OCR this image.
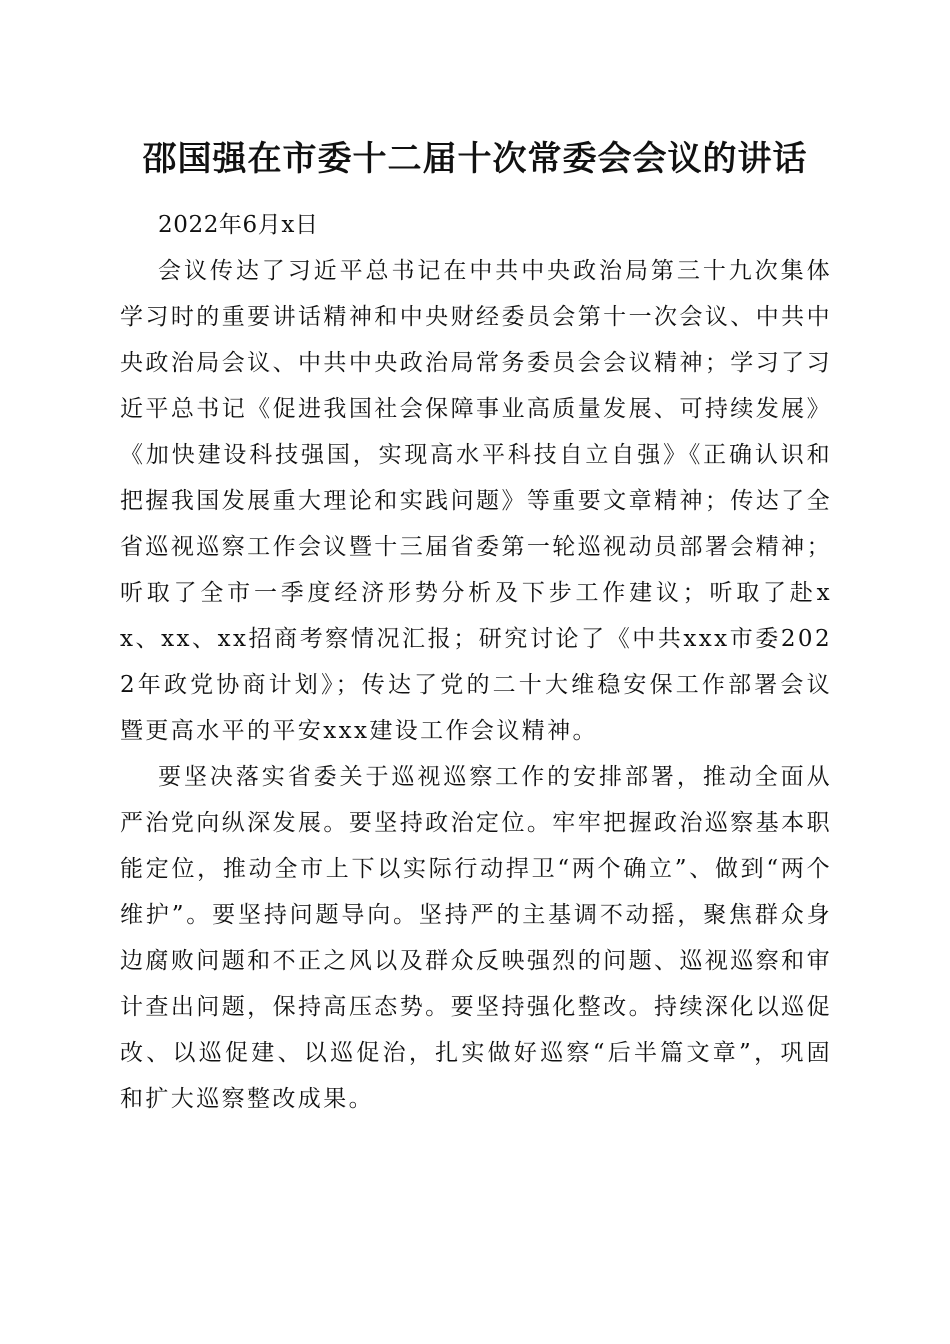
邵国强在市委十二届十次常委会会议的讲话

2022年6月x日

会议传达了习近平总书记在中共中央政治局第三十九次集体学习时的重要讲话精神和中央财经委员会第十一次会议、中共中央政治局会议、中共中央政治局常务委员会会议精神；学习了习近平总书记《促进我国社会保障事业高质量发展、可持续发展》《加快建设科技强国，实现高水平科技自立自强》《正确认识和把握我国发展重大理论和实践问题》等重要文章精神；传达了全省巡视巡察工作会议暨十三届省委第一轮巡视动员部署会精神；听取了全市一季度经济形势分析及下步工作建议；听取了赴xx、xx、xx招商考察情况汇报；研究讨论了《中共xxx市委2022年政党协商计划》；传达了党的二十大维稳安保工作部署会议暨更高水平的平安xxx建设工作会议精神。

要坚决落实省委关于巡视巡察工作的安排部署，推动全面从严治党向纵深发展。要坚持政治定位。牢牢把握政治巡察基本职能定位，推动全市上下以实际行动捍卫“两个确立”、做到“两个维护”。要坚持问题导向。坚持严的主基调不动摇，聚焦群众身边腐败问题和不正之风以及群众反映强烈的问题、巡视巡察和审计查出问题，保持高压态势。要坚持强化整改。持续深化以巡促改、以巡促建、以巡促治，扎实做好巡察“后半篇文章”，巩固和扩大巡察整改成果。
